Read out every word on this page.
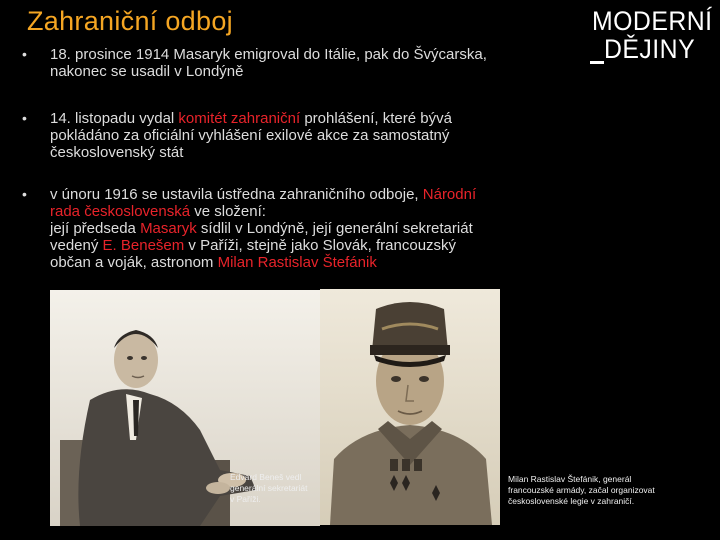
Zahraniční odboj	MODERNÍ
DĚJINY
• 18. prosince 1914 Masaryk emigroval do Itálie, pak do Švýcarska,
nakonec se usadil v Londýně
• 14. listopadu vydal komitét zahraniční prohlášení, které bývá
pokládáno za oficiální vyhlášení exilové akce za samostatný
československý stát
• v únoru 1916 se ustavila ústředna zahraničního odboje, Národní
rada československá ve složení:
její předseda Masaryk sídlil v Londýně, její generální sekretariát
vedený E. Benešem v Paříži, stejně jako Slovák, francouzský
občan a voják, astronom Milan Rastislav Štefánik
Edvard Beneš vedl generální sekretariát v Paříži.
Milan Rastislav Štefánik, generál francouzské armády, začal organizovat československé legie v zahraničí.
